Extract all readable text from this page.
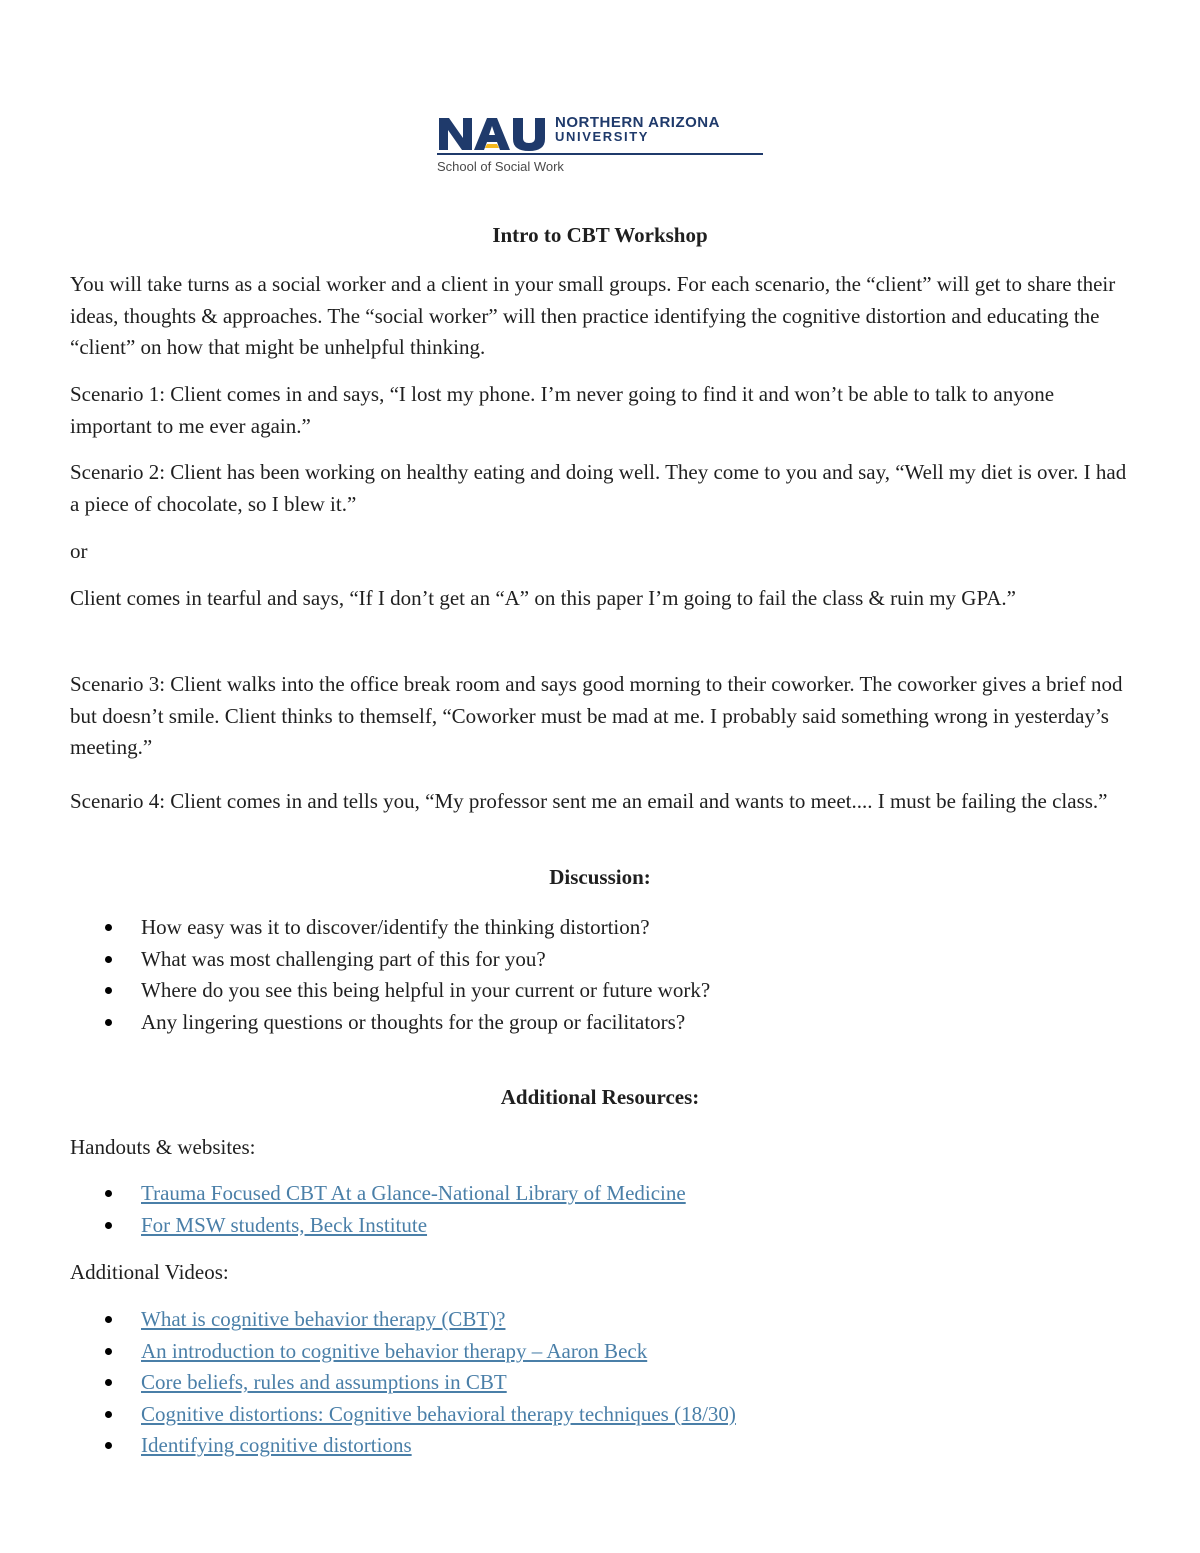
NORTHERN ARIZONA
UNIVERSITY
School of Social Work
Intro to CBT Workshop
You will take turns as a social worker and a client in your small groups. For each scenario, the “client” will get to share their ideas, thoughts & approaches. The “social worker” will then practice identifying the cognitive distortion and educating the “client” on how that might be unhelpful thinking.
Scenario 1: Client comes in and says, “I lost my phone. I’m never going to find it and won’t be able to talk to anyone important to me ever again.”
Scenario 2: Client has been working on healthy eating and doing well. They come to you and say, “Well my diet is over. I had a piece of chocolate, so I blew it.”
or
Client comes in tearful and says, “If I don’t get an “A” on this paper I’m going to fail the class & ruin my GPA.”
Scenario 3: Client walks into the office break room and says good morning to their coworker. The coworker gives a brief nod but doesn’t smile. Client thinks to themself, “Coworker must be mad at me. I probably said something wrong in yesterday’s meeting.”
Scenario 4: Client comes in and tells you, “My professor sent me an email and wants to meet.... I must be failing the class.”
Discussion:
How easy was it to discover/identify the thinking distortion?
What was most challenging part of this for you?
Where do you see this being helpful in your current or future work?
Any lingering questions or thoughts for the group or facilitators?
Additional Resources:
Handouts & websites:
Trauma Focused CBT At a Glance-National Library of Medicine
For MSW students, Beck Institute
Additional Videos:
What is cognitive behavior therapy (CBT)?
An introduction to cognitive behavior therapy – Aaron Beck
Core beliefs, rules and assumptions in CBT
Cognitive distortions: Cognitive behavioral therapy techniques (18/30)
Identifying cognitive distortions
